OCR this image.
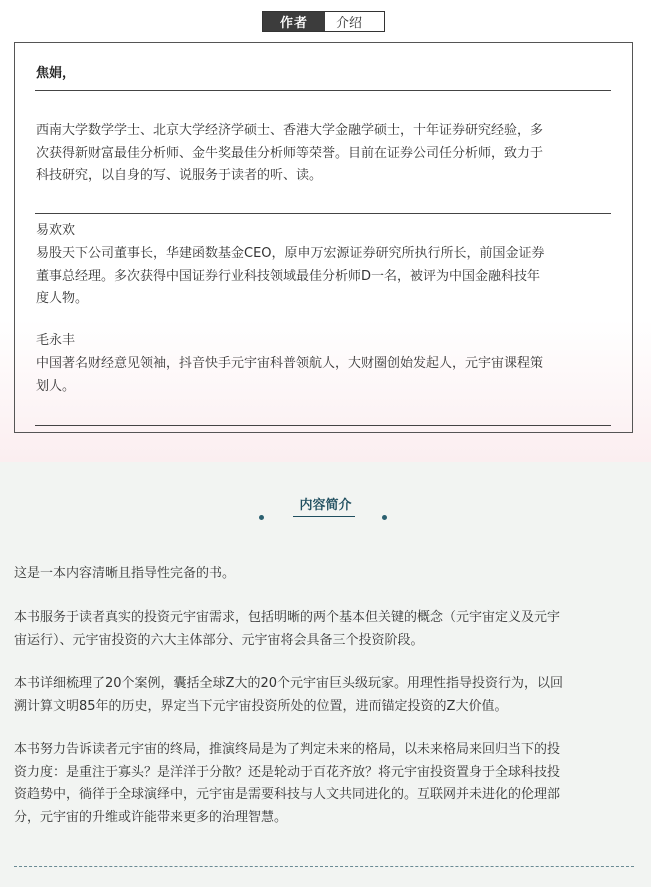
作者	介绍
焦娟，
西南大学数学学士、北京大学经济学硕士、香港大学金融学硕士，十年证券研究经验，多
次获得新财富最佳分析师、金牛奖最佳分析师等荣誉。目前在证券公司任分析师，致力于
科技研究，以自身的写、说服务于读者的听、读。
易欢欢
易股天下公司董事长，华建函数基金CEO，原申万宏源证券研究所执行所长，前国金证券
董事总经理。多次获得中国证券行业科技领域最佳分析师D一名，被评为中国金融科技年
度人物。
毛永丰
中国著名财经意见领袖，抖音快手元宇宙科普领航人，大财圈创始发起人，元宇宙课程策
划人。
内容简介
这是一本内容清晰且指导性完备的书。
本书服务于读者真实的投资元宇宙需求，包括明晰的两个基本但关键的概念（元宇宙定义及元宇
宙运行）、元宇宙投资的六大主体部分、元宇宙将会具备三个投资阶段。
本书详细梳理了20个案例，囊括全球Z大的20个元宇宙巨头级玩家。用理性指导投资行为，以回
溯计算文明85年的历史，界定当下元宇宙投资所处的位置，进而锚定投资的Z大价值。
本书努力告诉读者元宇宙的终局，推演终局是为了判定未来的格局，以未来格局来回归当下的投
资力度：是重注于寡头？是洋洋于分散？还是轮动于百花齐放？将元宇宙投资置身于全球科技投
资趋势中，徜徉于全球演绎中，元宇宙是需要科技与人文共同进化的。互联网并未进化的伦理部
分，元宇宙的升维或许能带来更多的治理智慧。
